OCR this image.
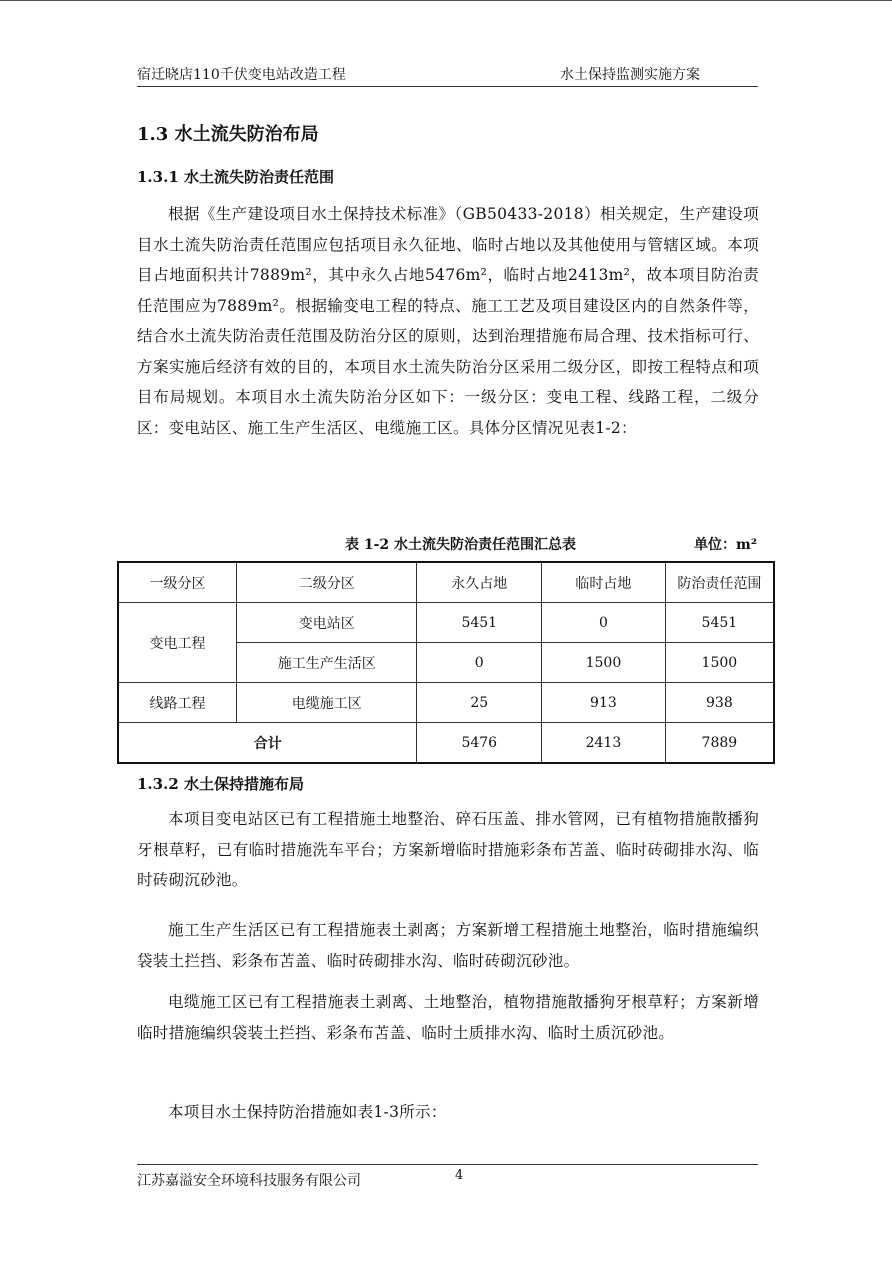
宿迁晓店110千伏变电站改造工程	水土保持监测实施方案
1.3 水土流失防治布局
1.3.1 水土流失防治责任范围

根据《生产建设项目水土保持技术标准》（GB50433-2018）相关规定，生产建设项目水土流失防治责任范围应包括项目永久征地、临时占地以及其他使用与管辖区域。本项目占地面积共计7889m²，其中永久占地5476m²，临时占地2413m²，故本项目防治责任范围应为7889m²。根据输变电工程的特点、施工工艺及项目建设区内的自然条件等，结合水土流失防治责任范围及防治分区的原则，达到治理措施布局合理、技术指标可行、方案实施后经济有效的目的，本项目水土流失防治分区采用二级分区，即按工程特点和项目布局规划。本项目水土流失防治分区如下：一级分区：变电工程、线路工程，二级分区：变电站区、施工生产生活区、电缆施工区。具体分区情况见表1-2：

表 1-2 水土流失防治责任范围汇总表	单位：m²
一级分区	二级分区	永久占地	临时占地	防治责任范围
变电工程	变电站区	5451	0	5451
	施工生产生活区	0	1500	1500
线路工程	电缆施工区	25	913	938
合计		5476	2413	7889
1.3.2 水土保持措施布局

本项目变电站区已有工程措施土地整治、碎石压盖、排水管网，已有植物措施散播狗牙根草籽，已有临时措施洗车平台；方案新增临时措施彩条布苫盖、临时砖砌排水沟、临时砖砌沉砂池。

施工生产生活区已有工程措施表土剥离；方案新增工程措施土地整治，临时措施编织袋装土拦挡、彩条布苫盖、临时砖砌排水沟、临时砖砌沉砂池。

电缆施工区已有工程措施表土剥离、土地整治，植物措施散播狗牙根草籽；方案新增临时措施编织袋装土拦挡、彩条布苫盖、临时土质排水沟、临时土质沉砂池。

本项目水土保持防治措施如表1-3所示：

江苏嘉溢安全环境科技服务有限公司	4
